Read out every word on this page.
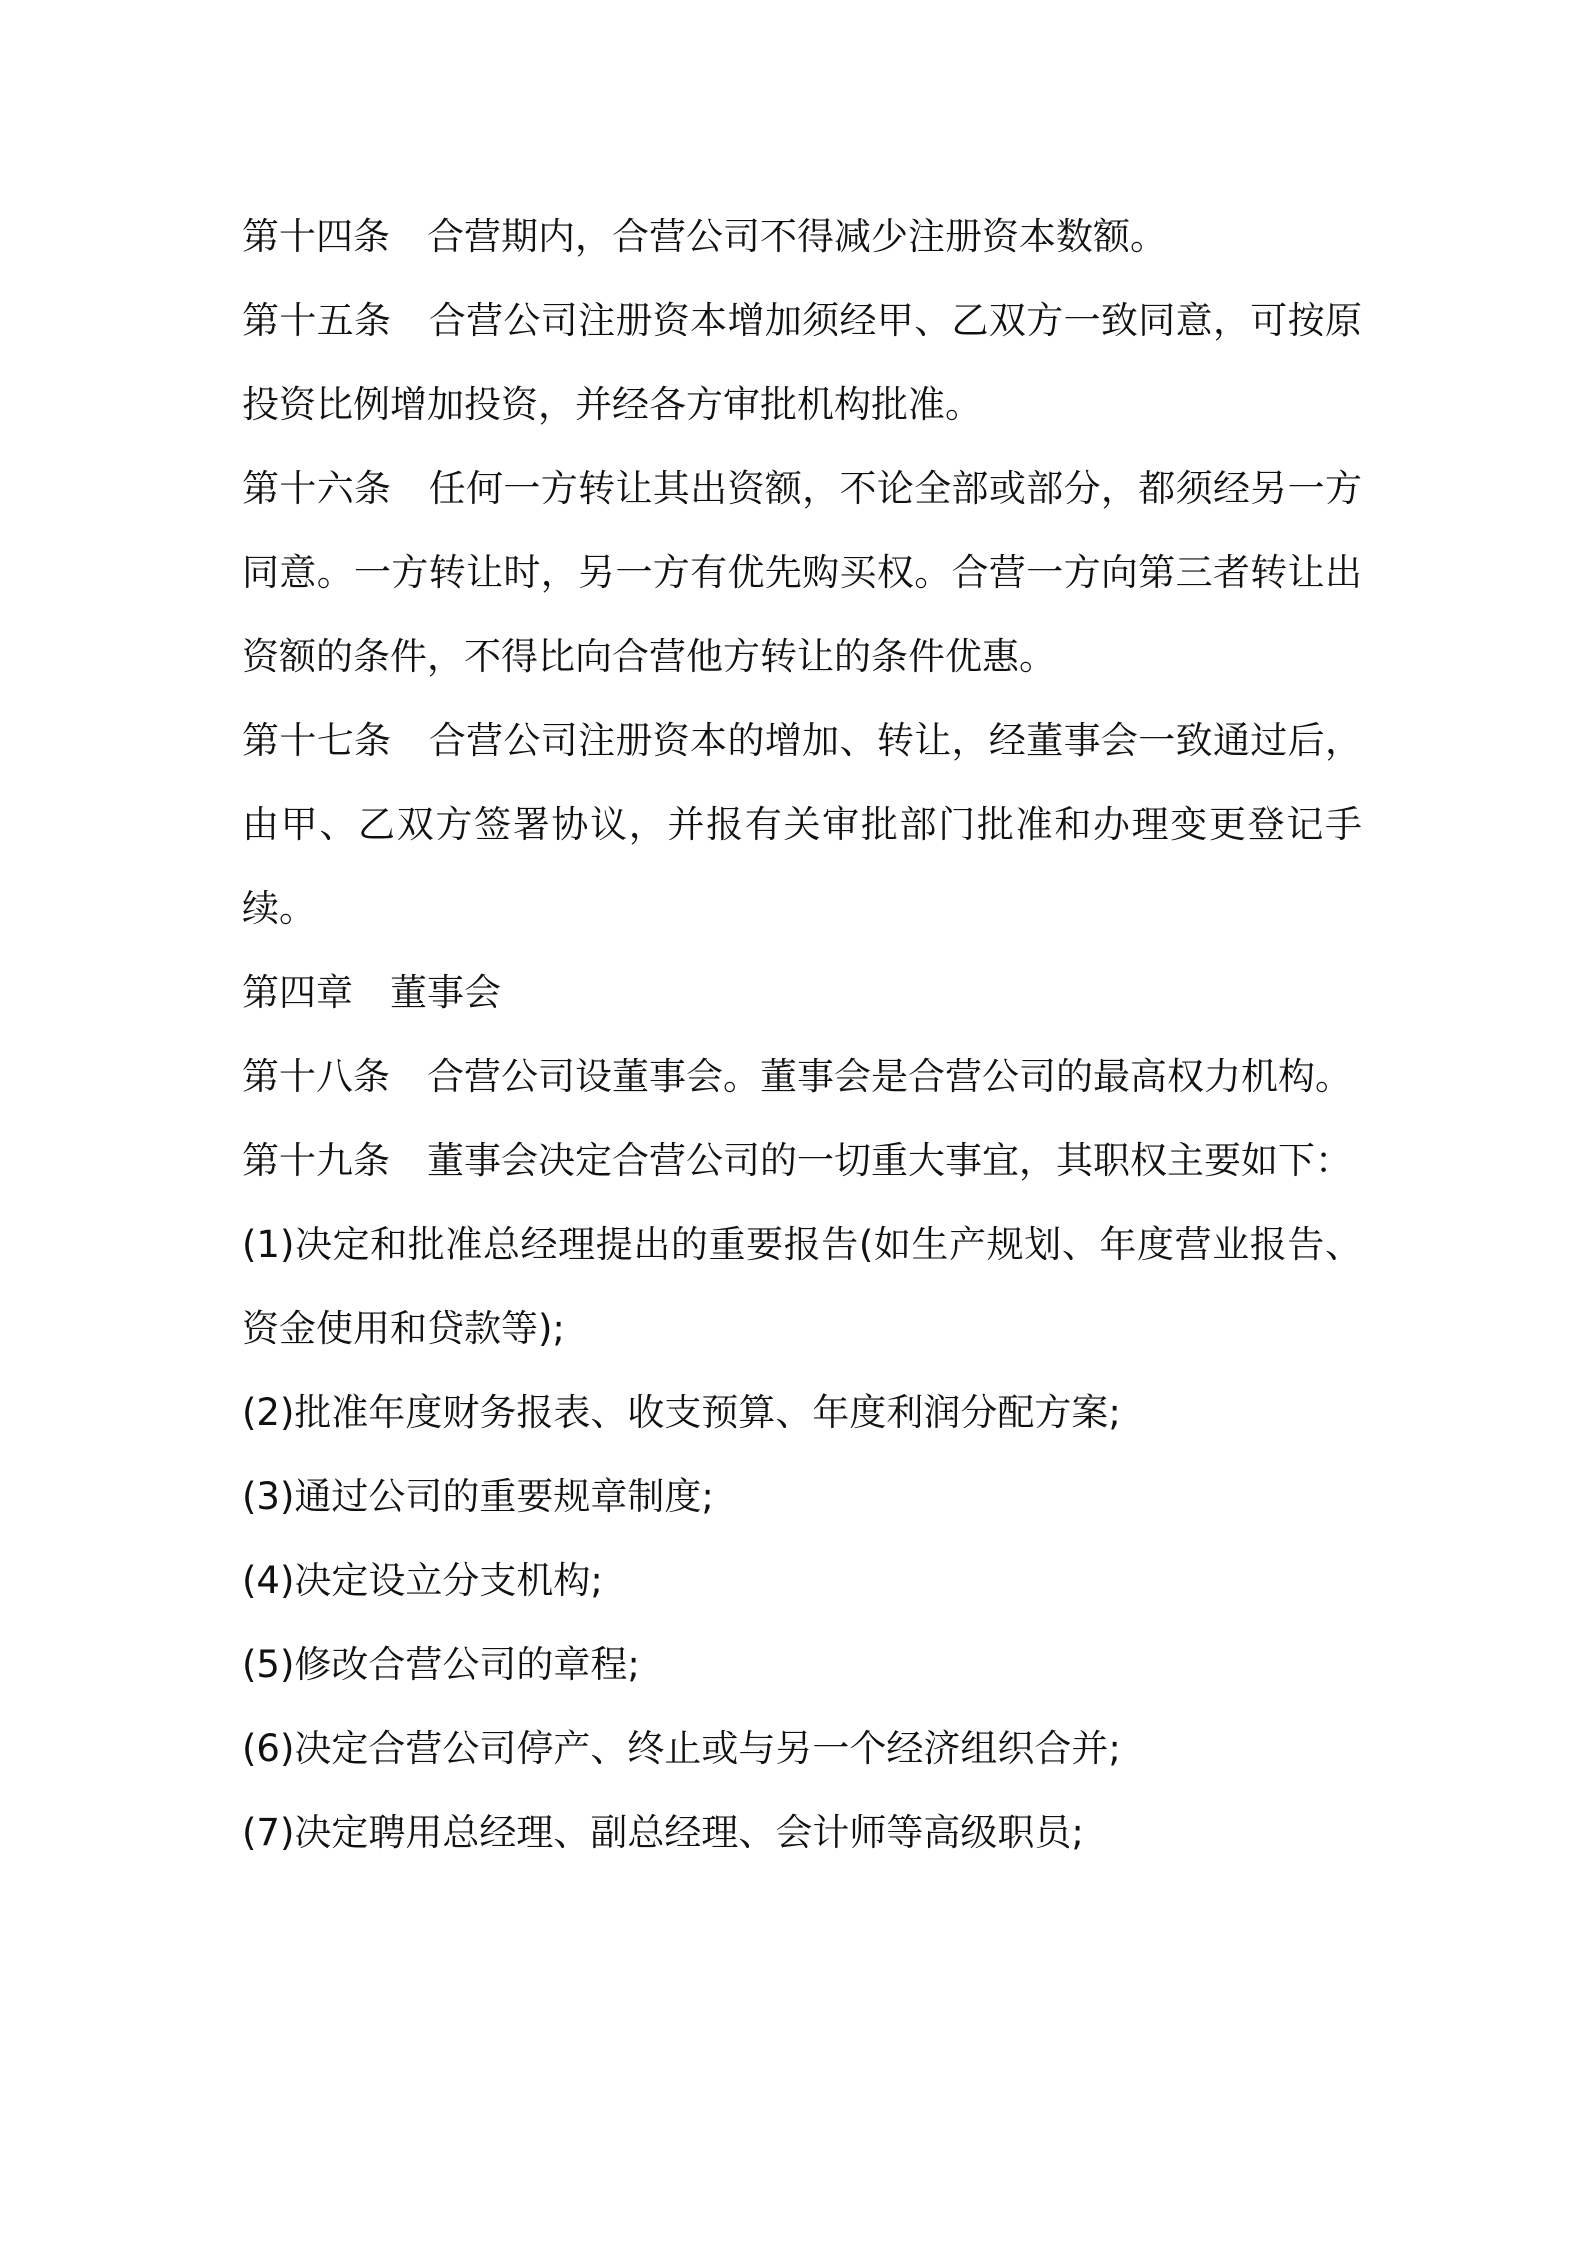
第十四条　合营期内，合营公司不得减少注册资本数额。

第十五条　合营公司注册资本增加须经甲、乙双方一致同意，可按原投资比例增加投资，并经各方审批机构批准。

第十六条　任何一方转让其出资额，不论全部或部分，都须经另一方同意。一方转让时，另一方有优先购买权。合营一方向第三者转让出资额的条件，不得比向合营他方转让的条件优惠。

第十七条　合营公司注册资本的增加、转让，经董事会一致通过后，由甲、乙双方签署协议，并报有关审批部门批准和办理变更登记手续。

第四章　董事会

第十八条　合营公司设董事会。董事会是合营公司的最高权力机构。

第十九条　董事会决定合营公司的一切重大事宜，其职权主要如下：

(1)决定和批准总经理提出的重要报告(如生产规划、年度营业报告、资金使用和贷款等);

(2)批准年度财务报表、收支预算、年度利润分配方案;

(3)通过公司的重要规章制度;

(4)决定设立分支机构;

(5)修改合营公司的章程;

(6)决定合营公司停产、终止或与另一个经济组织合并;

(7)决定聘用总经理、副总经理、会计师等高级职员;
